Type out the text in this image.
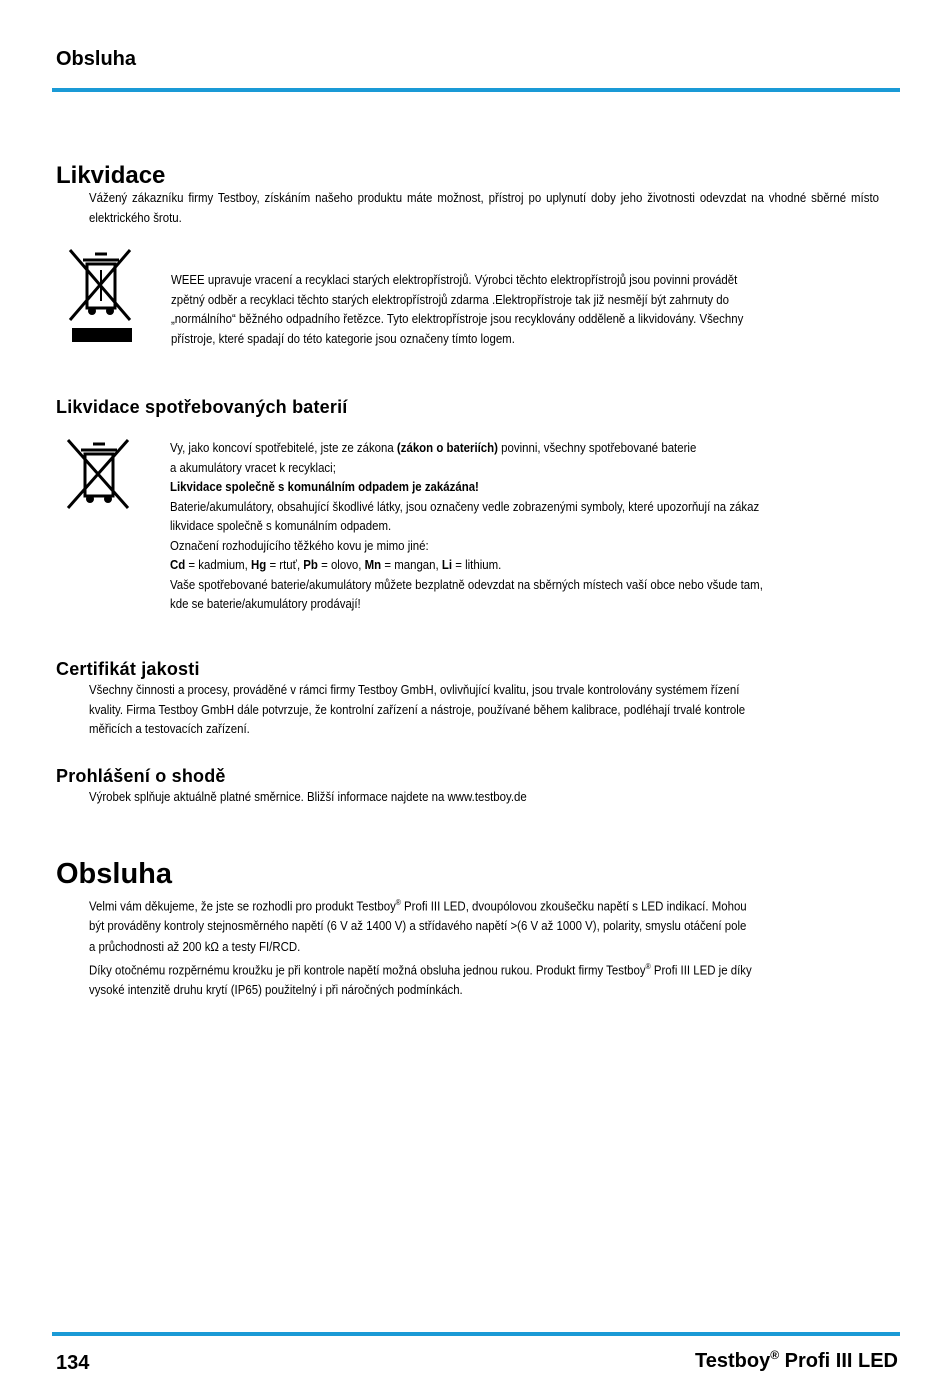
Obsluha
Likvidace

Vážený zákazníku firmy Testboy, získáním našeho produktu máte možnost, přístroj po uplynutí doby jeho životnosti odevzdat na vhodné sběrné místo elektrického šrotu.

WEEE upravuje vracení a recyklaci starých elektropřístrojů. Výrobci těchto elektropřístrojů jsou povinni provádět

zpětný odběr a recyklaci těchto starých elektropřístrojů zdarma .Elektropřístroje tak již nesmějí být zahrnuty do

„normálního“ běžného odpadního řetězce. Tyto elektropřístroje jsou recyklovány odděleně a likvidovány. Všechny

přístroje, které spadají do této kategorie jsou označeny tímto logem.

Likvidace spotřebovaných baterií

Vy, jako koncoví spotřebitelé, jste ze zákona (zákon o bateriích) povinni, všechny spotřebované baterie

a akumulátory vracet k recyklaci;

Likvidace společně s komunálním odpadem je zakázána!

Baterie/akumulátory, obsahující škodlivé látky, jsou označeny vedle zobrazenými symboly, které upozorňují na zákaz

likvidace společně s komunálním odpadem.

Označení rozhodujícího těžkého kovu je mimo jiné:

Cd = kadmium, Hg = rtuť, Pb = olovo, Mn = mangan, Li = lithium.

Vaše spotřebované baterie/akumulátory můžete bezplatně odevzdat na sběrných místech vaší obce nebo všude tam,

kde se baterie/akumulátory prodávají!

Certifikát jakosti

Všechny činnosti a procesy, prováděné v rámci firmy Testboy GmbH, ovlivňující kvalitu, jsou trvale kontrolovány systémem řízení

kvality. Firma Testboy GmbH dále potvrzuje, že kontrolní zařízení a nástroje, používané během kalibrace, podléhají trvalé kontrole

měřicích a testovacích zařízení.

Prohlášení o shodě

Výrobek splňuje aktuálně platné směrnice. Bližší informace najdete na www.testboy.de

Obsluha

Velmi vám děkujeme, že jste se rozhodli pro produkt Testboy® Profi III LED, dvoupólovou zkoušečku napětí s LED indikací. Mohou

být prováděny kontroly stejnosměrného napětí (6 V až 1400 V) a střídavého napětí >(6 V až 1000 V), polarity, smyslu otáčení pole

a průchodnosti až 200 kΩ a testy FI/RCD.

Díky otočnému rozpěrnému kroužku je při kontrole napětí možná obsluha jednou rukou. Produkt firmy Testboy® Profi III LED je díky

vysoké intenzitě druhu krytí (IP65) použitelný i při náročných podmínkách.

134	Testboy® Profi III LED
